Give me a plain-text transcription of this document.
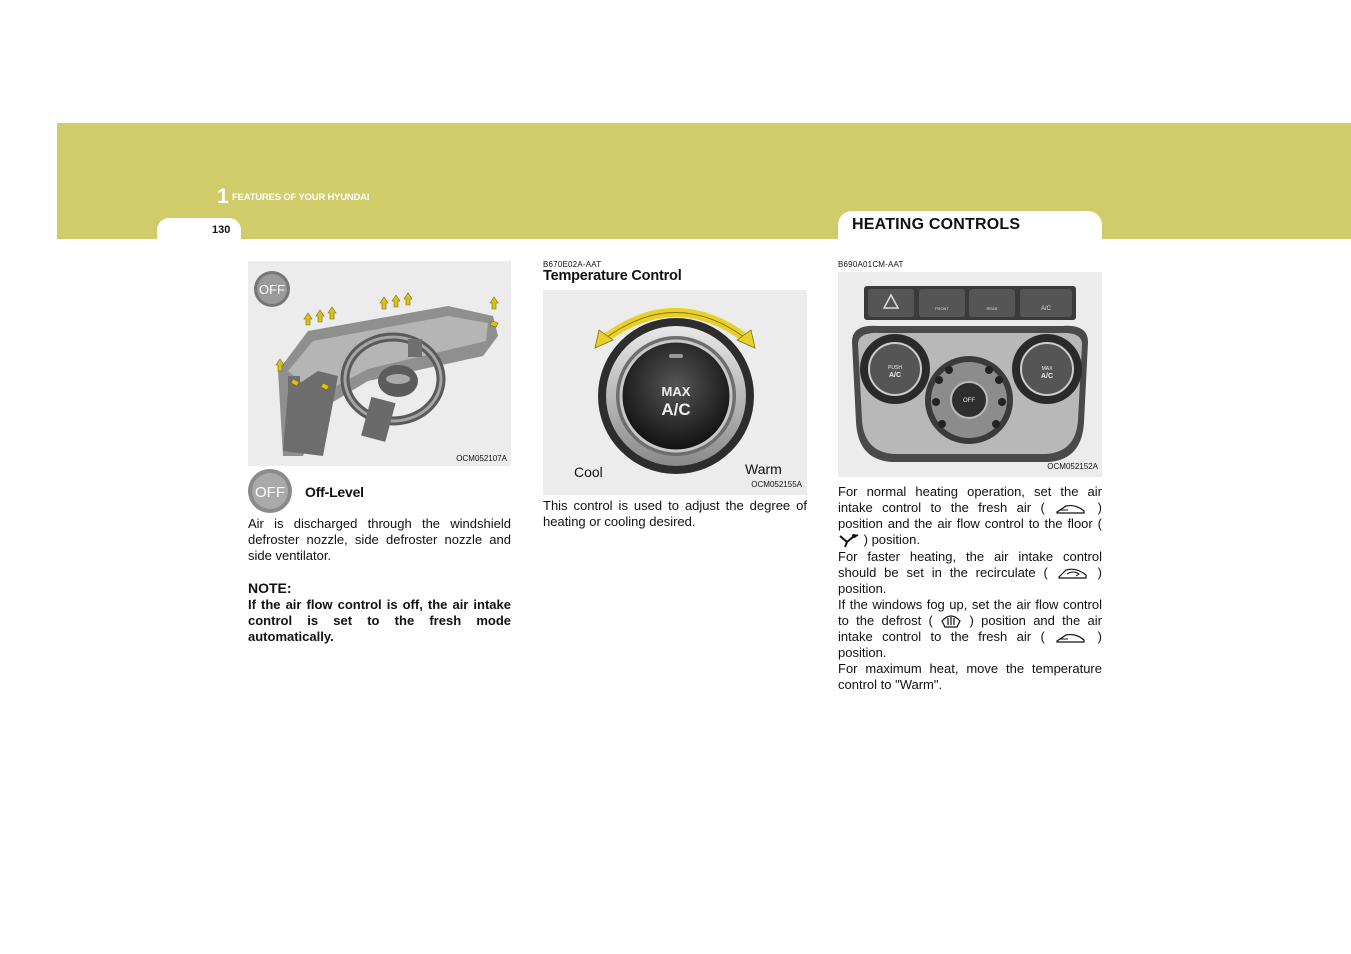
1 FEATURES OF YOUR HYUNDAI
130	HEATING CONTROLS
OFF
OCM052107A
OFF Off-Level
Air is discharged through the windshield defroster nozzle, side defroster nozzle and side ventilator.
NOTE:
If the air flow control is off, the air intake control is set to the fresh mode automatically.
B670E02A-AAT
Temperature Control
MAX
A/C
Cool	Warm
OCM052155A
This control is used to adjust the degree of heating or cooling desired.
B690A01CM-AAT
FRONT	REAR	A/C
PUSH
A/C
MAX
A/C
OFF
OCM052152A

For normal heating operation, set the air intake control to the fresh air (	) position and the air flow control to the floor (  ) position.

For faster heating, the air intake control should be set in the recirculate (	) position.

If the windows fog up, set the air flow control to the defrost (	) position and the air intake control to the fresh air (	) position.

For maximum heat, move the temperature control to "Warm".
